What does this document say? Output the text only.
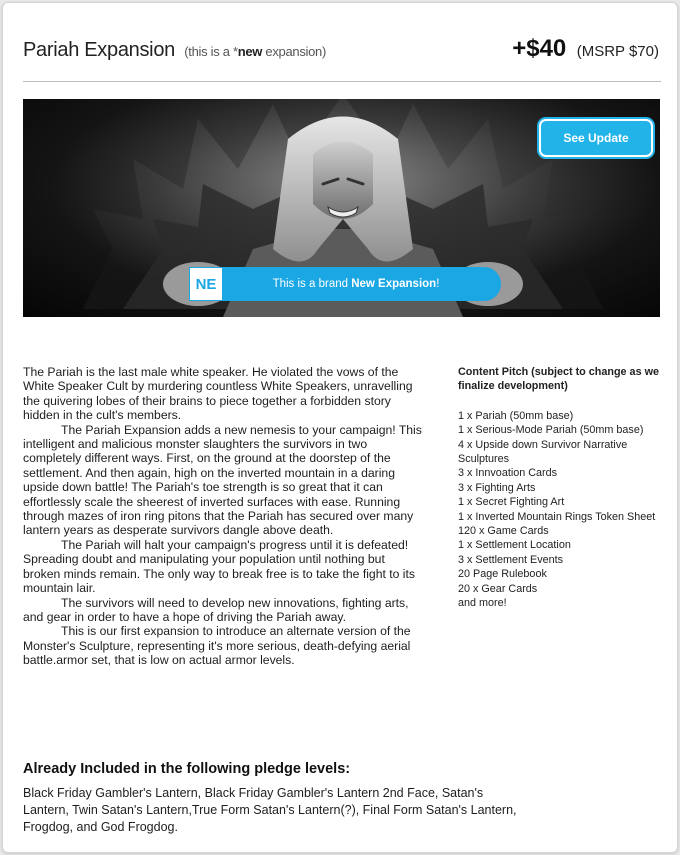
Pariah Expansion (this is a *new expansion)	+$40 (MSRP $70)
See Update
NE	This is a brand New Expansion!

The Pariah is the last male white speaker. He violated the vows of the White Speaker Cult by murdering countless White Speakers, unravelling the quivering lobes of their brains to piece together a forbidden story hidden in the cult's members.

The Pariah Expansion adds a new nemesis to your campaign! This intelligent and malicious monster slaughters the survivors in two completely different ways. First, on the ground at the doorstep of the settlement. And then again, high on the inverted mountain in a daring upside down battle! The Pariah's toe strength is so great that it can effortlessly scale the sheerest of inverted surfaces with ease. Running through mazes of iron ring pitons that the Pariah has secured over many lantern years as desperate survivors dangle above death.

The Pariah will halt your campaign's progress until it is defeated! Spreading doubt and manipulating your population until nothing but broken minds remain. The only way to break free is to take the fight to its mountain lair.

The survivors will need to develop new innovations, fighting arts, and gear in order to have a hope of driving the Pariah away.

This is our first expansion to introduce an alternate version of the Monster's Sculpture, representing it's more serious, death-defying aerial battle.armor set, that is low on actual armor levels.

Content Pitch (subject to change as we finalize development)
1 x Pariah (50mm base)
1 x Serious-Mode Pariah (50mm base)
4 x Upside down Survivor Narrative Sculptures
3 x Innvoation Cards
3 x Fighting Arts
1 x Secret Fighting Art
1 x Inverted Mountain Rings Token Sheet
120 x Game Cards
1 x Settlement Location
3 x Settlement Events
20 Page Rulebook
20 x Gear Cards
and more!
Already Included in the following pledge levels:
Black Friday Gambler's Lantern, Black Friday Gambler's Lantern 2nd Face, Satan's Lantern, Twin Satan's Lantern,True Form Satan's Lantern(?), Final Form Satan's Lantern, Frogdog, and God Frogdog.
